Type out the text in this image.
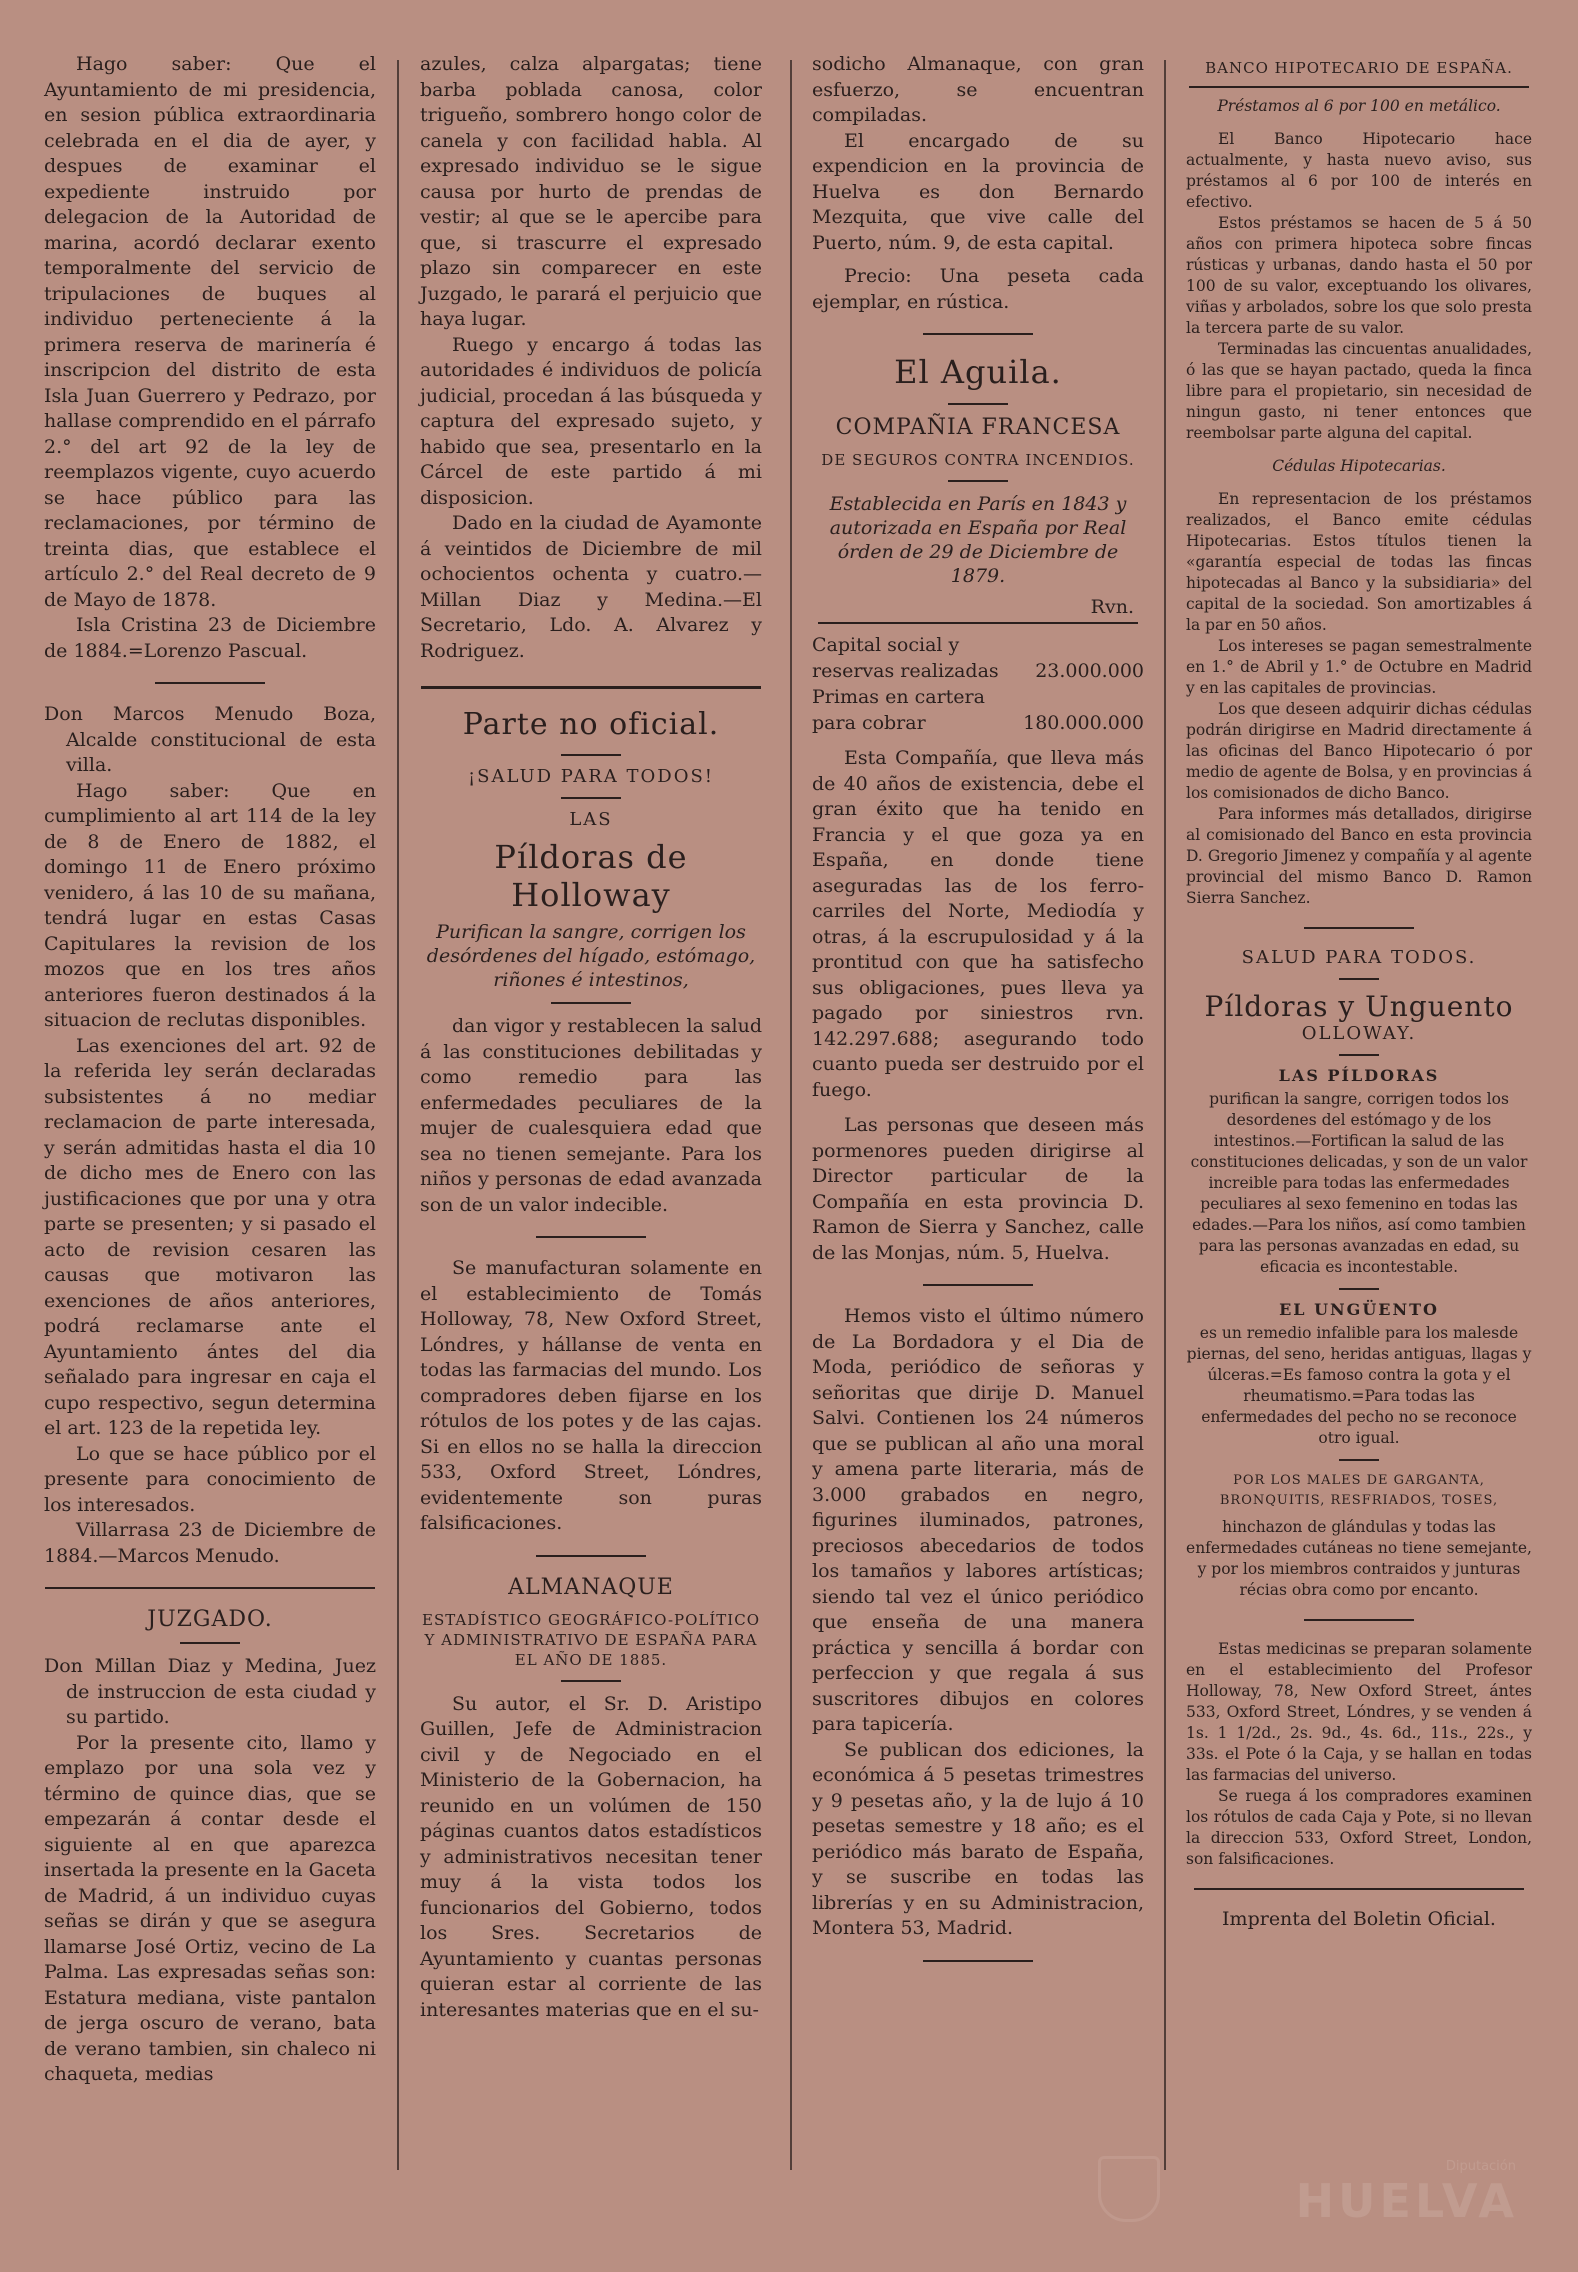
Hago saber: Que el Ayuntamiento de mi presidencia, en sesion pública extraordinaria celebrada en el dia de ayer, y despues de examinar el expediente instruido por delegacion de la Autoridad de marina, acordó declarar exento temporalmente del servicio de tripulaciones de buques al individuo perteneciente á la primera reserva de marinería é inscripcion del distrito de esta Isla Juan Guerrero y Pedrazo, por hallase comprendido en el párrafo 2.° del art 92 de la ley de reemplazos vigente, cuyo acuerdo se hace público para las reclamaciones, por término de treinta dias, que establece el artículo 2.° del Real decreto de 9 de Mayo de 1878.

Isla Cristina 23 de Diciembre de 1884.=Lorenzo Pascual.

Don Marcos Menudo Boza, Alcalde constitucional de esta villa.

Hago saber: Que en cumplimiento al art 114 de la ley de 8 de Enero de 1882, el domingo 11 de Enero próximo venidero, á las 10 de su mañana, tendrá lugar en estas Casas Capitulares la revision de los mozos que en los tres años anteriores fueron destinados á la situacion de reclutas disponibles.

Las exenciones del art. 92 de la referida ley serán declaradas subsistentes á no mediar reclamacion de parte interesada, y serán admitidas hasta el dia 10 de dicho mes de Enero con las justificaciones que por una y otra parte se presenten; y si pasado el acto de revision cesaren las causas que motivaron las exenciones de años anteriores, podrá reclamarse ante el Ayuntamiento ántes del dia señalado para ingresar en caja el cupo respectivo, segun determina el art. 123 de la repetida ley.

Lo que se hace público por el presente para conocimiento de los interesados.

Villarrasa 23 de Diciembre de 1884.—Marcos Menudo.

JUZGADO.

Don Millan Diaz y Medina, Juez de instruccion de esta ciudad y su partido.

Por la presente cito, llamo y emplazo por una sola vez y término de quince dias, que se empezarán á contar desde el siguiente al en que aparezca insertada la presente en la Gaceta de Madrid, á un individuo cuyas señas se dirán y que se asegura llamarse José Ortiz, vecino de La Palma. Las expresadas señas son: Estatura mediana, viste pantalon de jerga oscuro de verano, bata de verano tambien, sin chaleco ni chaqueta, medias

azules, calza alpargatas; tiene barba poblada canosa, color trigueño, sombrero hongo color de canela y con facilidad habla. Al expresado individuo se le sigue causa por hurto de prendas de vestir; al que se le apercibe para que, si trascurre el expresado plazo sin comparecer en este Juzgado, le parará el perjuicio que haya lugar.

Ruego y encargo á todas las autoridades é individuos de policía judicial, procedan á las búsqueda y captura del expresado sujeto, y habido que sea, presentarlo en la Cárcel de este partido á mi disposicion.

Dado en la ciudad de Ayamonte á veintidos de Diciembre de mil ochocientos ochenta y cuatro.—Millan Diaz y Medina.—El Secretario, Ldo. A. Alvarez y Rodriguez.

Parte no oficial.
¡SALUD PARA TODOS!
LAS
Píldoras de Holloway

Purifican la sangre, corrigen los desórdenes del hígado, estómago, riñones é intestinos,

dan vigor y restablecen la salud á las constituciones debilitadas y como remedio para las enfermedades peculiares de la mujer de cualesquiera edad que sea no tienen semejante. Para los niños y personas de edad avanzada son de un valor indecible.

Se manufacturan solamente en el establecimiento de Tomás Holloway, 78, New Oxford Street, Lóndres, y hállanse de venta en todas las farmacias del mundo. Los compradores deben fijarse en los rótulos de los potes y de las cajas. Si en ellos no se halla la direccion 533, Oxford Street, Lóndres, evidentemente son puras falsificaciones.

ALMANAQUE
ESTADÍSTICO GEOGRÁFICO-POLÍTICO Y ADMINISTRATIVO DE ESPAÑA PARA EL AÑO DE 1885.

Su autor, el Sr. D. Aristipo Guillen, Jefe de Administracion civil y de Negociado en el Ministerio de la Gobernacion, ha reunido en un volúmen de 150 páginas cuantos datos estadísticos y administrativos necesitan tener muy á la vista todos los funcionarios del Gobierno, todos los Sres. Secretarios de Ayuntamiento y cuantas personas quieran estar al corriente de las interesantes materias que en el su-

sodicho Almanaque, con gran esfuerzo, se encuentran compiladas.

El encargado de su expendicion en la provincia de Huelva es don Bernardo Mezquita, que vive calle del Puerto, núm. 9, de esta capital.

Precio: Una peseta cada ejemplar, en rústica.

El Aguila.
COMPAÑIA FRANCESA
DE SEGUROS CONTRA INCENDIOS.

Establecida en París en 1843 y autorizada en España por Real órden de 29 de Diciembre de 1879.

Rvn.
Capital social y reservas realizadas	23.000.000
Primas en cartera para cobrar	180.000.000

Esta Compañía, que lleva más de 40 años de existencia, debe el gran éxito que ha tenido en Francia y el que goza ya en España, en donde tiene aseguradas las de los ferro-carriles del Norte, Mediodía y otras, á la escrupulosidad y á la prontitud con que ha satisfecho sus obligaciones, pues lleva ya pagado por siniestros rvn. 142.297.688; asegurando todo cuanto pueda ser destruido por el fuego.

Las personas que deseen más pormenores pueden dirigirse al Director particular de la Compañía en esta provincia D. Ramon de Sierra y Sanchez, calle de las Monjas, núm. 5, Huelva.

Hemos visto el último número de La Bordadora y el Dia de Moda, periódico de señoras y señoritas que dirije D. Manuel Salvi. Contienen los 24 números que se publican al año una moral y amena parte literaria, más de 3.000 grabados en negro, figurines iluminados, patrones, preciosos abecedarios de todos los tamaños y labores artísticas; siendo tal vez el único periódico que enseña de una manera práctica y sencilla á bordar con perfeccion y que regala á sus suscritores dibujos en colores para tapicería.

Se publican dos ediciones, la económica á 5 pesetas trimestres y 9 pesetas año, y la de lujo á 10 pesetas semestre y 18 año; es el periódico más barato de España, y se suscribe en todas las librerías y en su Administracion, Montera 53, Madrid.

BANCO HIPOTECARIO DE ESPAÑA.

Préstamos al 6 por 100 en metálico.

El Banco Hipotecario hace actualmente, y hasta nuevo aviso, sus préstamos al 6 por 100 de interés en efectivo.

Estos préstamos se hacen de 5 á 50 años con primera hipoteca sobre fincas rústicas y urbanas, dando hasta el 50 por 100 de su valor, exceptuando los olivares, viñas y arbolados, sobre los que solo presta la tercera parte de su valor.

Terminadas las cincuentas anualidades, ó las que se hayan pactado, queda la finca libre para el propietario, sin necesidad de ningun gasto, ni tener entonces que reembolsar parte alguna del capital.

Cédulas Hipotecarias.

En representacion de los préstamos realizados, el Banco emite cédulas Hipotecarias. Estos títulos tienen la «garantía especial de todas las fincas hipotecadas al Banco y la subsidiaria» del capital de la sociedad. Son amortizables á la par en 50 años.

Los intereses se pagan semestralmente en 1.° de Abril y 1.° de Octubre en Madrid y en las capitales de provincias.

Los que deseen adquirir dichas cédulas podrán dirigirse en Madrid directamente á las oficinas del Banco Hipotecario ó por medio de agente de Bolsa, y en provincias á los comisionados de dicho Banco.

Para informes más detallados, dirigirse al comisionado del Banco en esta provincia D. Gregorio Jimenez y compañía y al agente provincial del mismo Banco D. Ramon Sierra Sanchez.

SALUD PARA TODOS.
Píldoras y Unguento
OLLOWAY.
LAS PÍLDORAS

purifican la sangre, corrigen todos los desordenes del estómago y de los intestinos.—Fortifican la salud de las constituciones delicadas, y son de un valor increible para todas las enfermedades peculiares al sexo femenino en todas las edades.—Para los niños, así como tambien para las personas avanzadas en edad, su eficacia es incontestable.

EL UNGÜENTO

es un remedio infalible para los malesde piernas, del seno, heridas antiguas, llagas y úlceras.=Es famoso contra la gota y el rheumatismo.=Para todas las enfermedades del pecho no se reconoce otro igual.

POR LOS MALES DE GARGANTA, BRONQUITIS, RESFRIADOS, TOSES,

hinchazon de glándulas y todas las enfermedades cutáneas no tiene semejante, y por los miembros contraidos y junturas récias obra como por encanto.

Estas medicinas se preparan solamente en el establecimiento del Profesor Holloway, 78, New Oxford Street, ántes 533, Oxford Street, Lóndres, y se venden á 1s. 1 1/2d., 2s. 9d., 4s. 6d., 11s., 22s., y 33s. el Pote ó la Caja, y se hallan en todas las farmacias del universo.

Se ruega á los compradores examinen los rótulos de cada Caja y Pote, si no llevan la direccion 533, Oxford Street, London, son falsificaciones.

Imprenta del Boletin Oficial.
Diputación
HUELVA
